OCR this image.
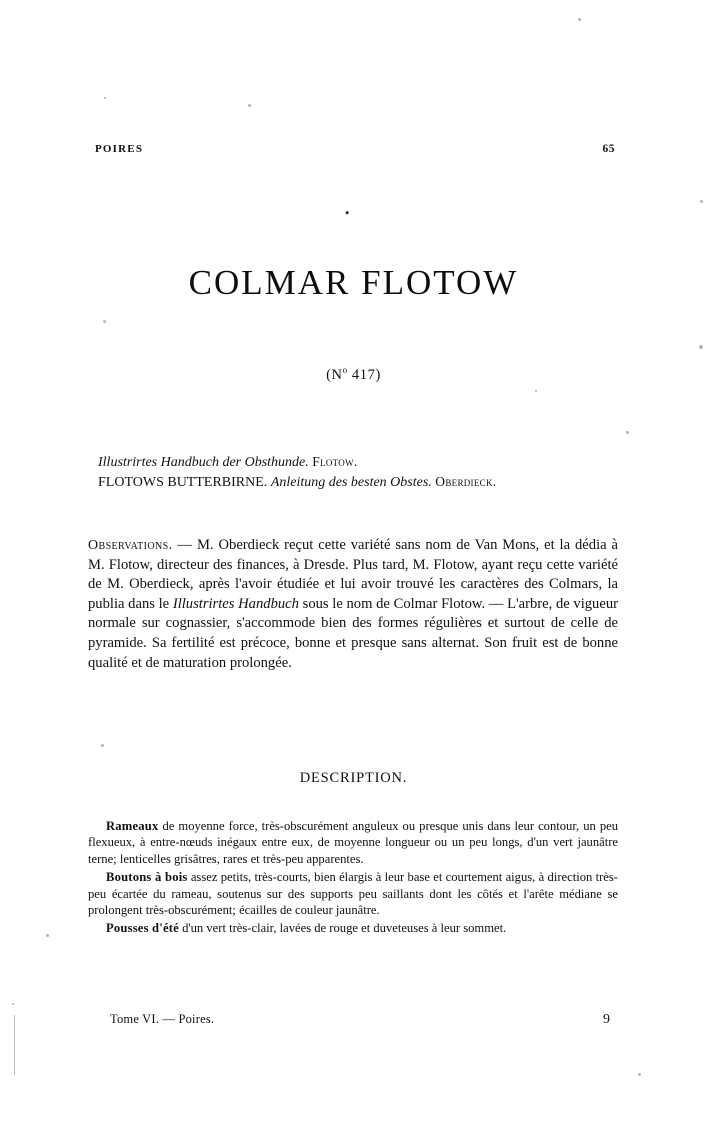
POIRES	65
•
COLMAR FLOTOW
($N^o$ 417)
Illustrirtes Handbuch der Obsthunde. Flotow.
FLOTOWS BUTTERBIRNE. Anleitung des besten Obstes. Oberdieck.
Observations. — M. Oberdieck reçut cette variété sans nom de Van Mons, et la dédia à M. Flotow, directeur des finances, à Dresde. Plus tard, M. Flotow, ayant reçu cette variété de M. Oberdieck, après l'avoir étudiée et lui avoir trouvé les caractères des Colmars, la publia dans le Illustrirtes Handbuch sous le nom de Colmar Flotow. — L'arbre, de vigueur normale sur cognassier, s'accommode bien des formes régulières et surtout de celle de pyramide. Sa fertilité est précoce, bonne et presque sans alternat. Son fruit est de bonne qualité et de maturation prolongée.
DESCRIPTION.

Rameaux de moyenne force, très-obscurément anguleux ou presque unis dans leur contour, un peu flexueux, à entre-nœuds inégaux entre eux, de moyenne longueur ou un peu longs, d'un vert jaunâtre terne; lenticelles grisâtres, rares et très-peu apparentes.

Boutons à bois assez petits, très-courts, bien élargis à leur base et courtement aigus, à direction très-peu écartée du rameau, soutenus sur des supports peu saillants dont les côtés et l'arête médiane se prolongent très-obscurément; écailles de couleur jaunâtre.

Pousses d'été d'un vert très-clair, lavées de rouge et duveteuses à leur sommet.

Tome VI. — Poires.	9
